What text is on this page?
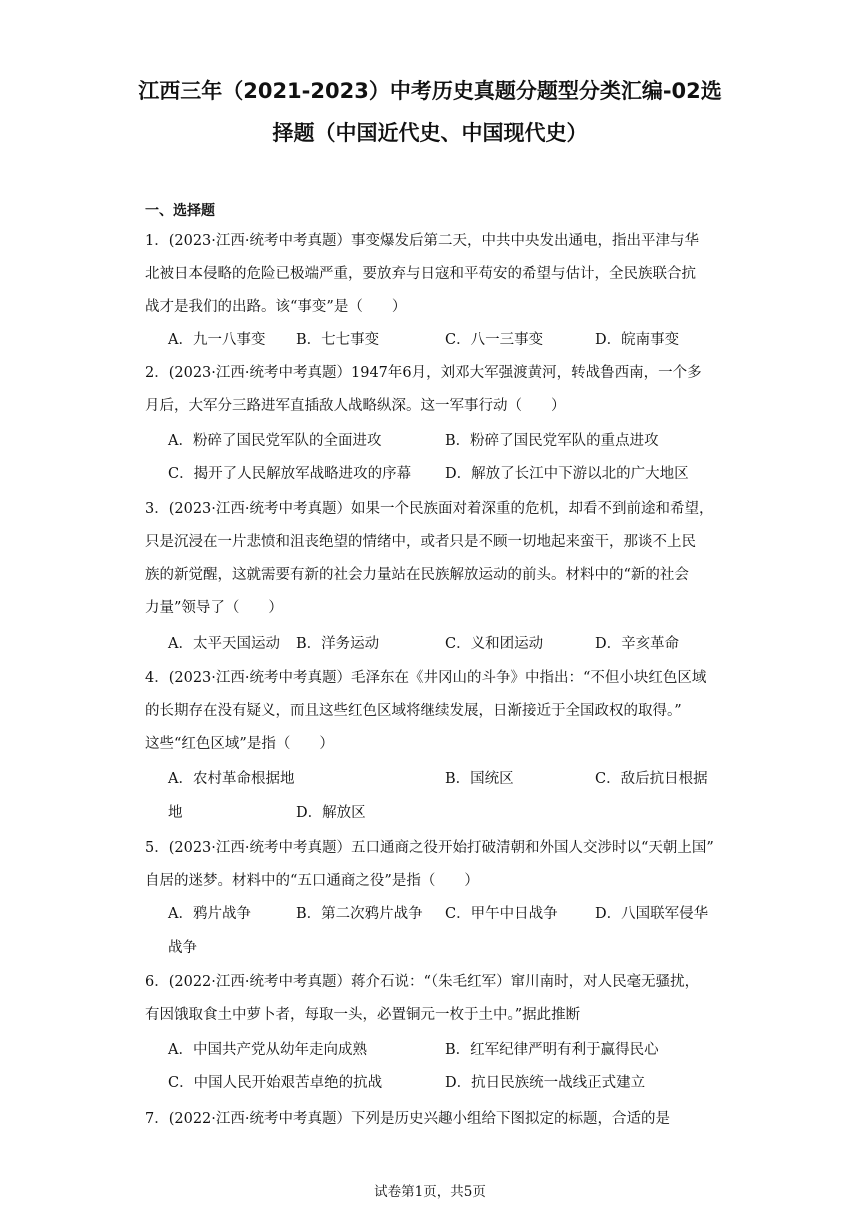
江西三年（2021-2023）中考历史真题分题型分类汇编-02选
择题（中国近代史、中国现代史）
一、选择题

1．(2023·江西·统考中考真题）事变爆发后第二天，中共中央发出通电，指出平津与华

北被日本侵略的危险已极端严重，要放弃与日寇和平苟安的希望与估计，全民族联合抗

战才是我们的出路。该“事变”是（　　）

A．九一八事变 B．七七事变	C．八一三事变	D．皖南事变

2．(2023·江西·统考中考真题）1947年6月，刘邓大军强渡黄河，转战鲁西南，一个多

月后，大军分三路进军直插敌人战略纵深。这一军事行动（　　）

A．粉碎了国民党军队的全面进攻	B．粉碎了国民党军队的重点进攻
C．揭开了人民解放军战略进攻的序幕 D．解放了长江中下游以北的广大地区

3．(2023·江西·统考中考真题）如果一个民族面对着深重的危机，却看不到前途和希望，

只是沉浸在一片悲愤和沮丧绝望的情绪中，或者只是不顾一切地起来蛮干，那谈不上民

族的新觉醒，这就需要有新的社会力量站在民族解放运动的前头。材料中的“新的社会

力量”领导了（　　）

A．太平天国运动 B．洋务运动	C．义和团运动	D．辛亥革命

4．(2023·江西·统考中考真题）毛泽东在《井冈山的斗争》中指出：“不但小块红色区域

的长期存在没有疑义，而且这些红色区域将继续发展，日渐接近于全国政权的取得。”

这些“红色区域”是指（　　）

A．农村革命根据地	B．国统区	C．敌后抗日根据
地	D．解放区

5．(2023·江西·统考中考真题）五口通商之役开始打破清朝和外国人交涉时以“天朝上国”

自居的迷梦。材料中的“五口通商之役”是指（　　）

A．鸦片战争	B．第二次鸦片战争 C．甲午中日战争	D．八国联军侵华
战争

6．(2022·江西·统考中考真题）蒋介石说：“（朱毛红军）窜川南时，对人民毫无骚扰，

有因饿取食土中萝卜者，每取一头，必置铜元一枚于土中。”据此推断

A．中国共产党从幼年走向成熟	B．红军纪律严明有利于赢得民心
C．中国人民开始艰苦卓绝的抗战	D．抗日民族统一战线正式建立

7．(2022·江西·统考中考真题）下列是历史兴趣小组给下图拟定的标题，合适的是

试卷第1页，共5页
